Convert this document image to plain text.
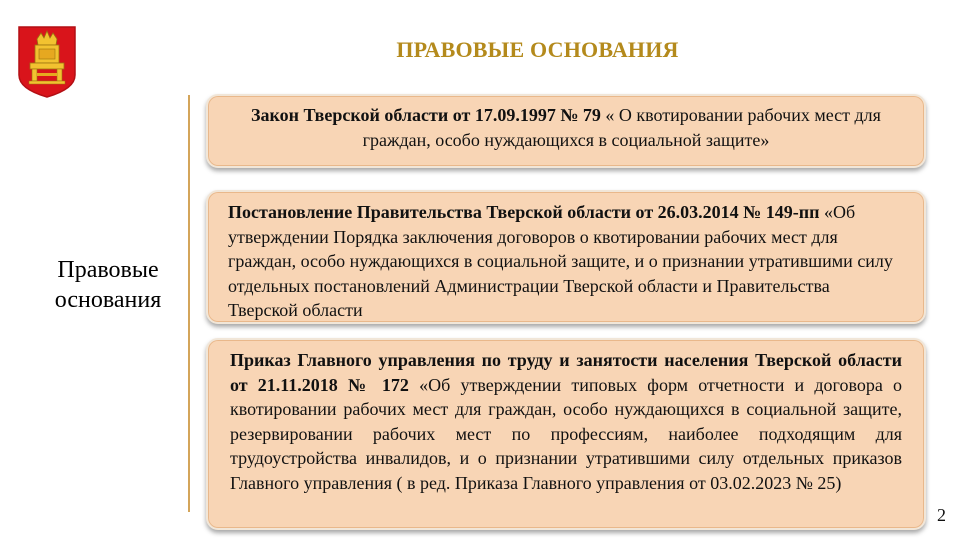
ПРАВОВЫЕ ОСНОВАНИЯ
Правовые
основания
Закон Тверской области от 17.09.1997 № 79 « О квотировании рабочих мест для граждан, особо нуждающихся в социальной защите»
Постановление Правительства Тверской области от 26.03.2014 № 149-пп «Об утверждении Порядка заключения договоров о квотировании рабочих мест для граждан, особо нуждающихся в социальной защите, и о признании утратившими силу отдельных постановлений Администрации Тверской области и Правительства Тверской области
Приказ Главного управления по труду и занятости населения Тверской области от 21.11.2018 № 172 «Об утверждении типовых форм отчетности и договора о квотировании рабочих мест для граждан, особо нуждающихся в социальной защите, резервировании рабочих мест по профессиям, наиболее подходящим для трудоустройства инвалидов, и о признании утратившими силу отдельных приказов Главного управления ( в ред. Приказа Главного управления от 03.02.2023 № 25)
2
